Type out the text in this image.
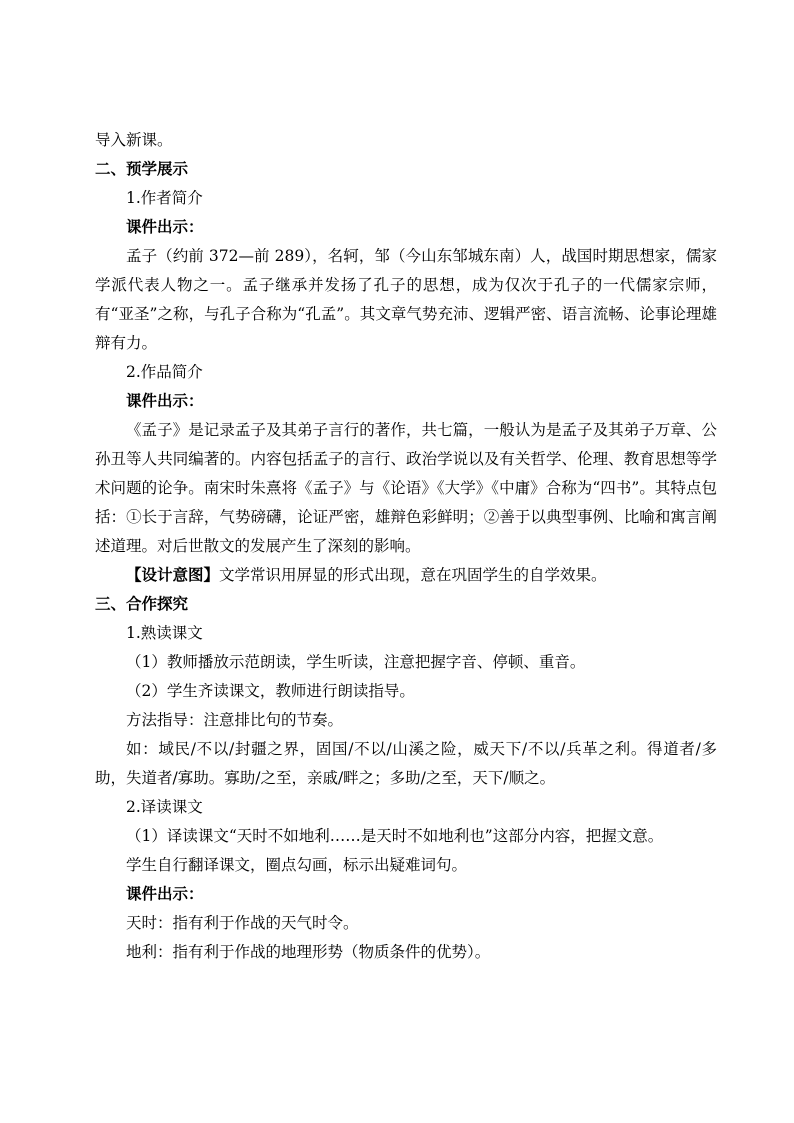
导入新课。

二、预学展示

1.作者简介

课件出示：

孟子（约前 372—前 289），名轲，邹（今山东邹城东南）人，战国时期思想家，儒家学派代表人物之一。孟子继承并发扬了孔子的思想，成为仅次于孔子的一代儒家宗师，有“亚圣”之称，与孔子合称为“孔孟”。其文章气势充沛、逻辑严密、语言流畅、论事论理雄辩有力。

2.作品简介

课件出示：

《孟子》是记录孟子及其弟子言行的著作，共七篇，一般认为是孟子及其弟子万章、公孙丑等人共同编著的。内容包括孟子的言行、政治学说以及有关哲学、伦理、教育思想等学术问题的论争。南宋时朱熹将《孟子》与《论语》《大学》《中庸》合称为“四书”。其特点包括：①长于言辞，气势磅礴，论证严密，雄辩色彩鲜明；②善于以典型事例、比喻和寓言阐述道理。对后世散文的发展产生了深刻的影响。

【设计意图】文学常识用屏显的形式出现，意在巩固学生的自学效果。

三、合作探究

1.熟读课文

（1）教师播放示范朗读，学生听读，注意把握字音、停顿、重音。

（2）学生齐读课文，教师进行朗读指导。

方法指导：注意排比句的节奏。

如：域民/不以/封疆之界，固国/不以/山溪之险，威天下/不以/兵革之利。得道者/多助，失道者/寡助。寡助/之至，亲戚/畔之；多助/之至，天下/顺之。

2.译读课文

（1）译读课文“天时不如地利……是天时不如地利也”这部分内容，把握文意。

学生自行翻译课文，圈点勾画，标示出疑难词句。

课件出示：

天时：指有利于作战的天气时令。

地利：指有利于作战的地理形势（物质条件的优势）。
